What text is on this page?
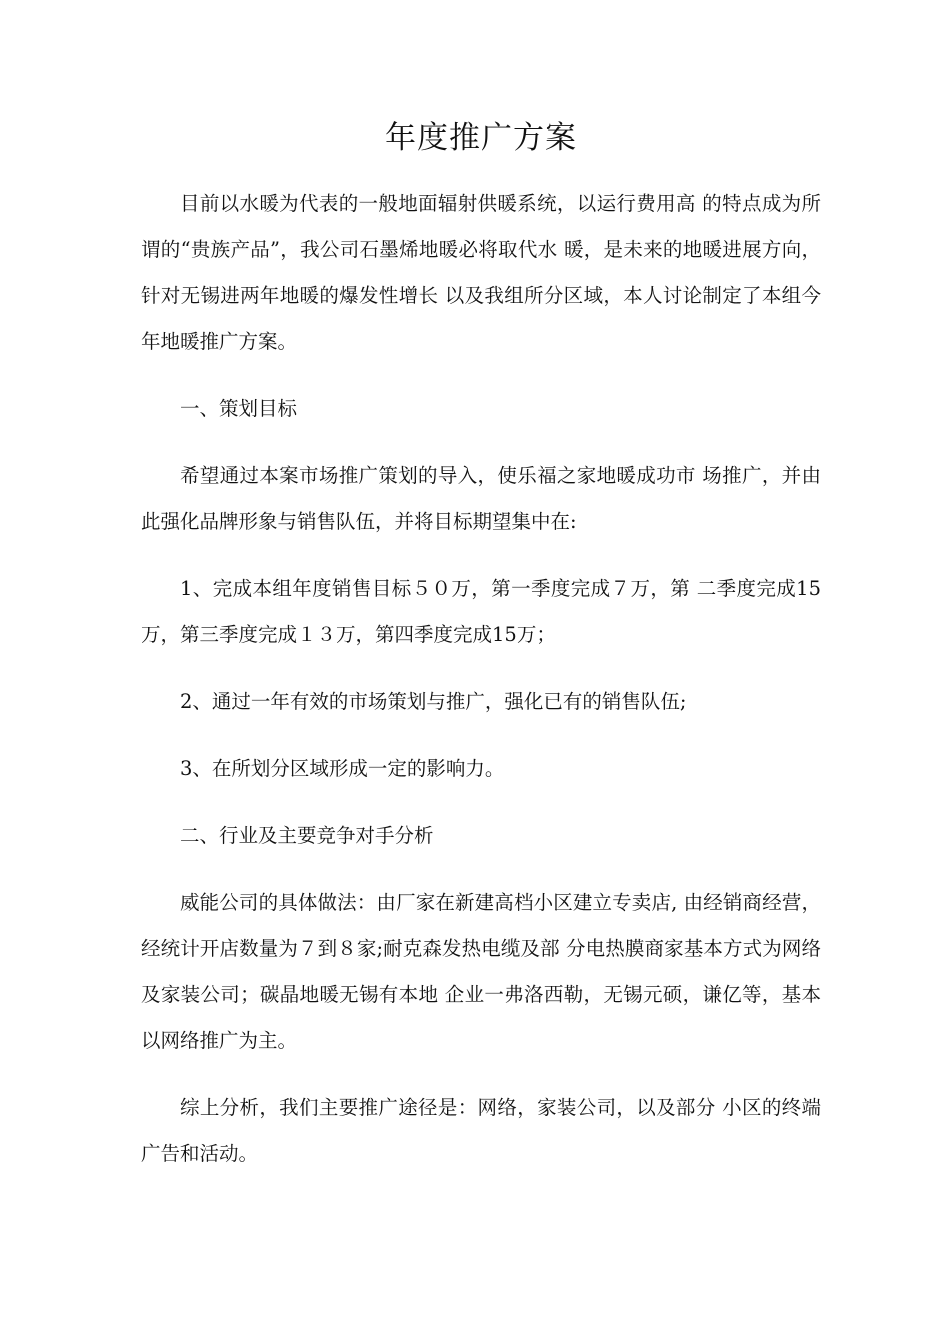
年度推广方案

目前以水暖为代表的一般地面辐射供暖系统，以运行费用高 的特点成为所谓的“贵族产品”，我公司石墨烯地暖必将取代水 暖，是未来的地暖进展方向，针对无锡进两年地暖的爆发性增长 以及我组所分区域，本人讨论制定了本组今年地暖推广方案。

一、策划目标

希望通过本案市场推广策划的导入，使乐福之家地暖成功市 场推广，并由此强化品牌形象与销售队伍，并将目标期望集中在:

1、完成本组年度销售目标５０万，第一季度完成７万，第 二季度完成15万，第三季度完成１３万，第四季度完成15万；

2、通过一年有效的市场策划与推广，强化已有的销售队伍;

3、在所划分区域形成一定的影响力。

二、行业及主要竞争对手分析

威能公司的具体做法：由厂家在新建高档小区建立专卖店, 由经销商经营，经统计开店数量为７到８家;耐克森发热电缆及部 分电热膜商家基本方式为网络及家装公司；碳晶地暖无锡有本地 企业一弗洛西勒，无锡元硕，谦亿等，基本以网络推广为主。

综上分析，我们主要推广途径是：网络，家装公司，以及部分 小区的终端广告和活动。
